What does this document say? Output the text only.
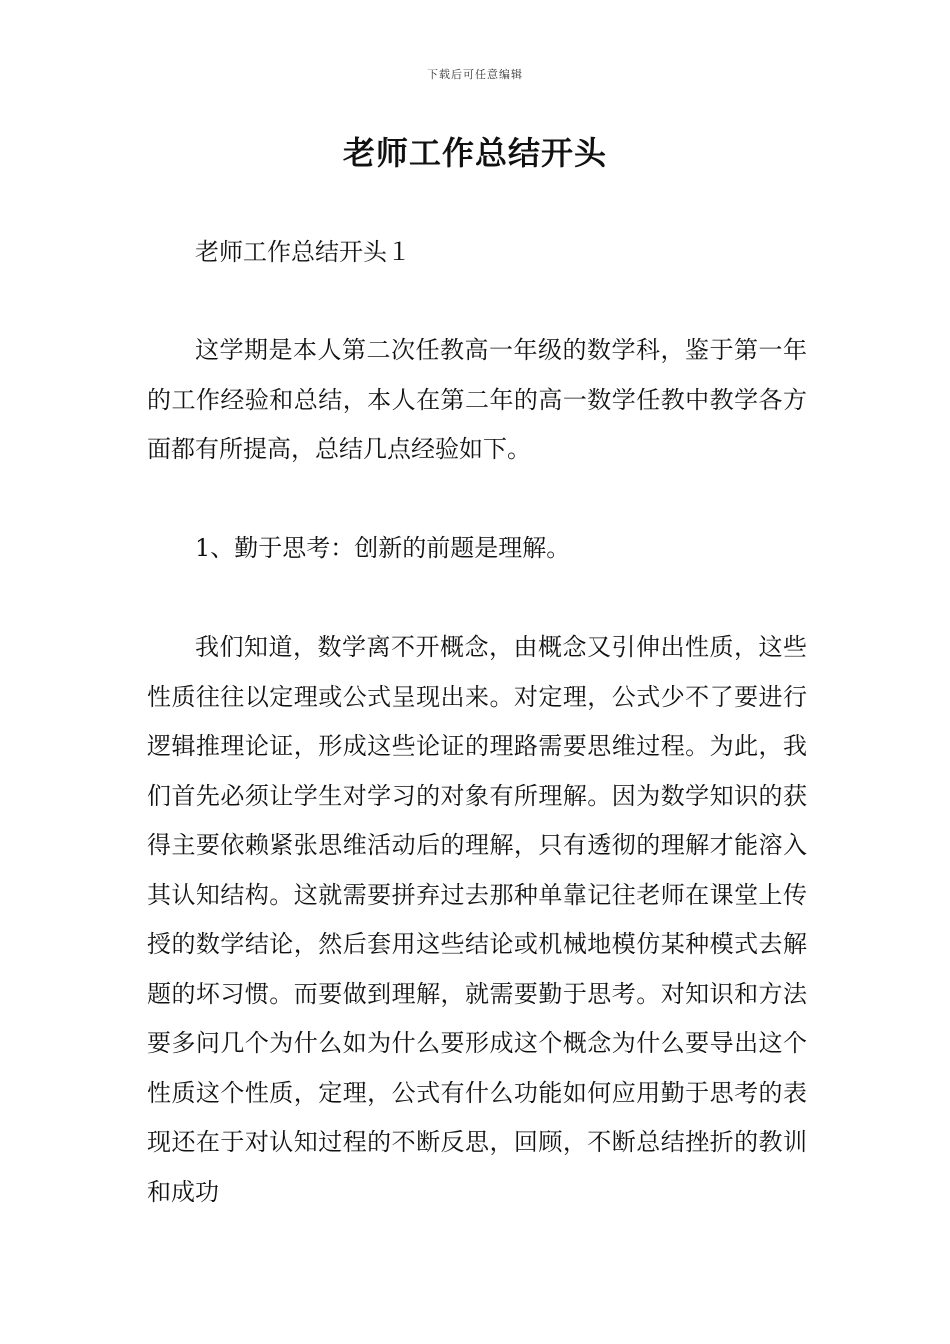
下载后可任意编辑
老师工作总结开头

老师工作总结开头１

这学期是本人第二次任教高一年级的数学科，鉴于第一年的工作经验和总结，本人在第二年的高一数学任教中教学各方面都有所提高，总结几点经验如下。

1、勤于思考：创新的前题是理解。

我们知道，数学离不开概念，由概念又引伸出性质，这些性质往往以定理或公式呈现出来。对定理，公式少不了要进行逻辑推理论证，形成这些论证的理路需要思维过程。为此，我们首先必须让学生对学习的对象有所理解。因为数学知识的获得主要依赖紧张思维活动后的理解，只有透彻的理解才能溶入其认知结构。这就需要拼弃过去那种单靠记往老师在课堂上传授的数学结论，然后套用这些结论或机械地模仿某种模式去解题的坏习惯。而要做到理解，就需要勤于思考。对知识和方法要多问几个为什么如为什么要形成这个概念为什么要导出这个性质这个性质，定理，公式有什么功能如何应用勤于思考的表现还在于对认知过程的不断反思，回顾，不断总结挫折的教训和成功
